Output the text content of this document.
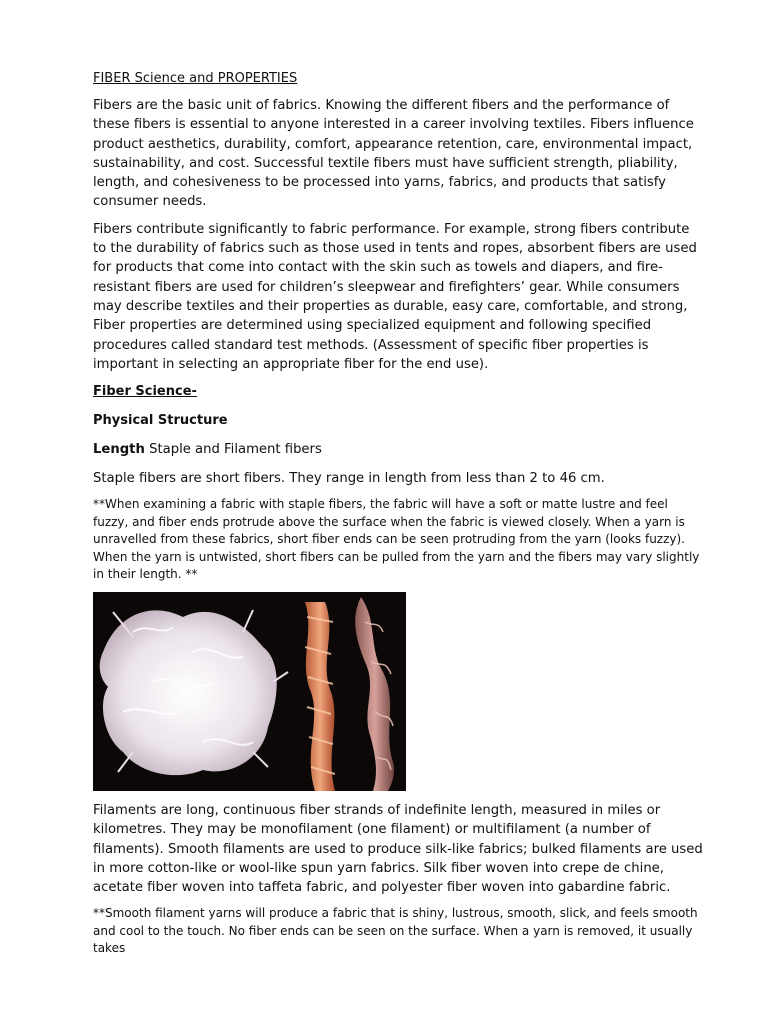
FIBER Science and PROPERTIES

Fibers are the basic unit of fabrics. Knowing the different fibers and the performance of these fibers is essential to anyone interested in a career involving textiles. Fibers influence product aesthetics, durability, comfort, appearance retention, care, environmental impact, sustainability, and cost. Successful textile fibers must have sufficient strength, pliability, length, and cohesiveness to be processed into yarns, fabrics, and products that satisfy consumer needs.

Fibers contribute significantly to fabric performance. For example, strong fibers contribute to the durability of fabrics such as those used in tents and ropes, absorbent fibers are used for products that come into contact with the skin such as towels and diapers, and fire-resistant fibers are used for children’s sleepwear and firefighters’ gear. While consumers may describe textiles and their properties as durable, easy care, comfortable, and strong, Fiber properties are determined using specialized equipment and following specified procedures called standard test methods. (Assessment of specific fiber properties is important in selecting an appropriate fiber for the end use).

Fiber Science-

Physical Structure

Length Staple and Filament fibers

Staple fibers are short fibers. They range in length from less than 2 to 46 cm.

**When examining a fabric with staple fibers, the fabric will have a soft or matte lustre and feel fuzzy, and fiber ends protrude above the surface when the fabric is viewed closely. When a yarn is unravelled from these fabrics, short fiber ends can be seen protruding from the yarn (looks fuzzy). When the yarn is untwisted, short fibers can be pulled from the yarn and the fibers may vary slightly in their length. **

Filaments are long, continuous fiber strands of indefinite length, measured in miles or kilometres. They may be monofilament (one filament) or multifilament (a number of filaments). Smooth filaments are used to produce silk-like fabrics; bulked filaments are used in more cotton-like or wool-like spun yarn fabrics. Silk fiber woven into crepe de chine, acetate fiber woven into taffeta fabric, and polyester fiber woven into gabardine fabric.

**Smooth filament yarns will produce a fabric that is shiny, lustrous, smooth, slick, and feels smooth and cool to the touch. No fiber ends can be seen on the surface. When a yarn is removed, it usually takes
